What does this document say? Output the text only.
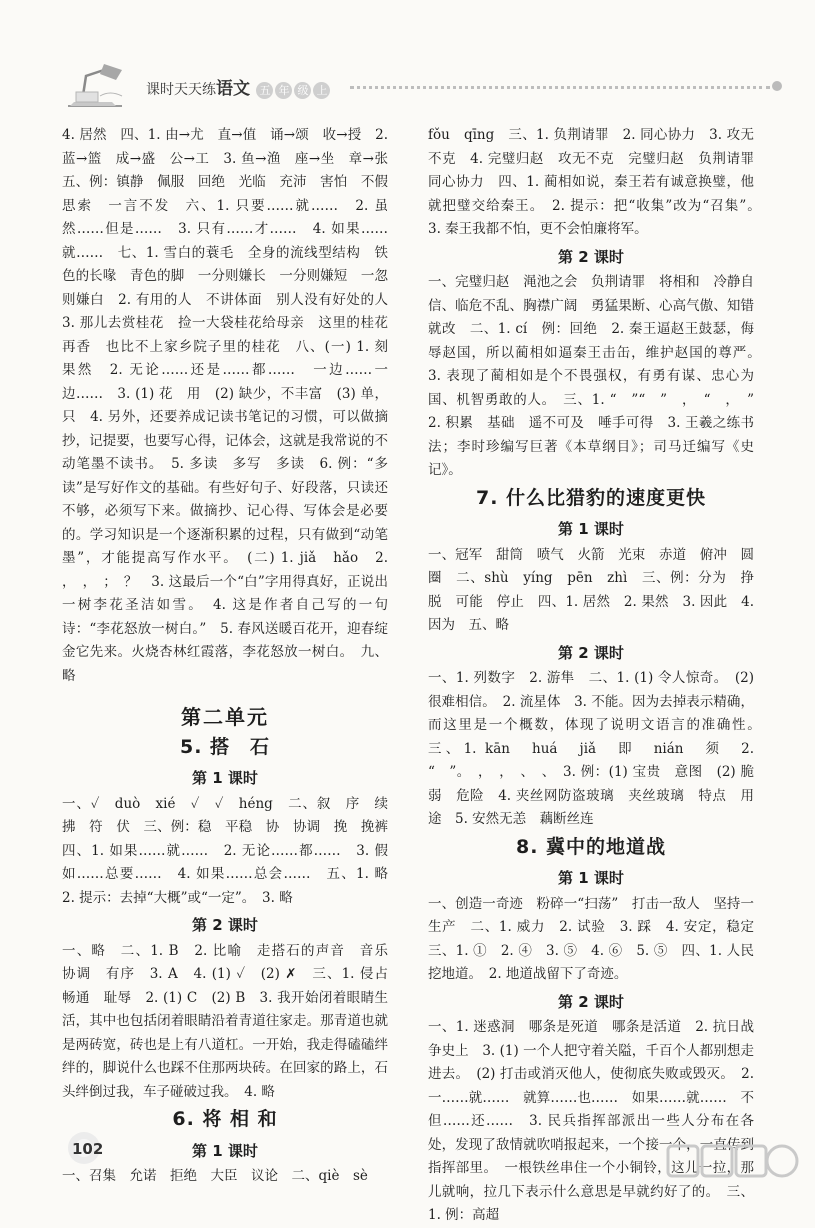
课时天天练语文 五 年 级 上

4. 居然　四、1. 由→尤　直→值　诵→颂　收→授　2. 蓝→篮　成→盛　公→工　3. 鱼→渔　座→坐　章→张　五、例：镇静　佩服　回绝　光临　充沛　害怕　不假思索　一言不发　六、1. 只要……就……　2. 虽然……但是……　3. 只有……才……　4. 如果……就……　七、1. 雪白的蓑毛　全身的流线型结构　铁色的长喙　青色的脚　一分则嫌长　一分则嫌短　一忽则嫌白　2. 有用的人　不讲体面　别人没有好处的人　3. 那儿去赏桂花　捡一大袋桂花给母亲　这里的桂花再香　也比不上家乡院子里的桂花　八、(一) 1. 刻　果然　2. 无论……还是……都……　一边……一边……　3. (1) 花　用　(2) 缺少，不丰富　(3) 单，只　4. 另外，还要养成记读书笔记的习惯，可以做摘抄，记提要，也要写心得，记体会，这就是我常说的不动笔墨不读书。　5. 多读　多写　多读　6. 例：“多读”是写好作文的基础。有些好句子、好段落，只读还不够，必须写下来。做摘抄、记心得、写体会是必要的。学习知识是一个逐渐积累的过程，只有做到“动笔墨”，才能提高写作水平。　(二) 1. jiǎ　hǎo　2. ，　，　；　？　3. 这最后一个“白”字用得真好，正说出一树李花圣洁如雪。　4. 这是作者自己写的一句诗：“李花怒放一树白。”　5. 春风送暖百花开，迎春绽金它先来。火烧杏林红霞落，李花怒放一树白。　九、略

第二单元
5. 搭　石
第 1 课时

一、✓　duò　xié　✓　✓　héng　二、叙　序　续　拂　符　伏　三、例：稳　平稳　协　协调　挽　挽裤　四、1. 如果……就……　2. 无论……都……　3. 假如……总要……　4. 如果……总会……　五、1. 略　2. 提示：去掉“大概”或“一定”。　3. 略

第 2 课时

一、略　二、1. B　2. 比喻　走搭石的声音　音乐　协调　有序　3. A　4. (1) ✓　(2) ✗　三、1. 侵占　畅通　耻辱　2. (1) C　(2) B　3. 我开始闭着眼睛生活，其中也包括闭着眼睛沿着青道往家走。那青道也就是两砖宽，砖也是上有八道杠。一开始，我走得磕磕绊绊的，脚说什么也踩不住那两块砖。在回家的路上，石头绊倒过我，车子碰破过我。　4. 略

6. 将 相 和
第 1 课时

一、召集　允诺　拒绝　大臣　议论　二、qiè　sè

fǒu　qīng　三、1. 负荆请罪　2. 同心协力　3. 攻无不克　4. 完璧归赵　攻无不克　完璧归赵　负荆请罪　同心协力　四、1. 蔺相如说，秦王若有诚意换璧，他就把璧交给秦王。　2. 提示：把“收集”改为“召集”。　3. 秦王我都不怕，更不会怕廉将军。

第 2 课时

一、完璧归赵　渑池之会　负荆请罪　将相和　冷静自信、临危不乱、胸襟广阔　勇猛果断、心高气傲、知错就改　二、1. cí　例：回绝　2. 秦王逼赵王鼓瑟，侮辱赵国，所以蔺相如逼秦王击缶，维护赵国的尊严。　3. 表现了蔺相如是个不畏强权，有勇有谋、忠心为国、机智勇敢的人。　三、1. “　”“　”　，　“　，　”　2. 积累　基础　遥不可及　唾手可得　3. 王羲之练书法；李时珍编写巨著《本草纲目》；司马迁编写《史记》。

7. 什么比猎豹的速度更快
第 1 课时

一、冠军　甜筒　喷气　火箭　光束　赤道　俯冲　圆圈　二、shù　yíng　pēn　zhì　三、例：分为　挣脱　可能　停止　四、1. 居然　2. 果然　3. 因此　4. 因为　五、略

第 2 课时

一、1. 列数字　2. 游隼　二、1. (1) 令人惊奇。　(2) 很难相信。　2. 流星体　3. 不能。因为去掉表示精确，而这里是一个概数，体现了说明文语言的准确性。　三、1. kān　huá　jiǎ　即　nián　须　2. “　”。　，　，　、　、　3. 例：(1) 宝贵　意图　(2) 脆弱　危险　4. 夹丝网防盗玻璃　夹丝玻璃　特点　用途　5. 安然无恙　藕断丝连

8. 冀中的地道战
第 1 课时

一、创造一奇迹　粉碎一“扫荡”　打击一敌人　坚持一生产　二、1. 威力　2. 试验　3. 踩　4. 安定，稳定　三、1. ①　2. ④　3. ⑤　4. ⑥　5. ⑤　四、1. 人民挖地道。　2. 地道战留下了奇迹。

第 2 课时

一、1. 迷惑洞　哪条是死道　哪条是活道　2. 抗日战争史上　3. (1) 一个人把守着关隘，千百个人都别想走进去。　(2) 打击或消灭他人，使彻底失败或毁灭。　2. 一……就……　就算……也……　如果……就……　不但……还……　3. 民兵指挥部派出一些人分布在各处，发现了敌情就吹哨报起来，一个接一个，一直传到指挥部里。　一根铁丝串住一个小铜铃，这儿一拉，那儿就响，拉几下表示什么意思是早就约好了的。　三、1. 例：高超

102
